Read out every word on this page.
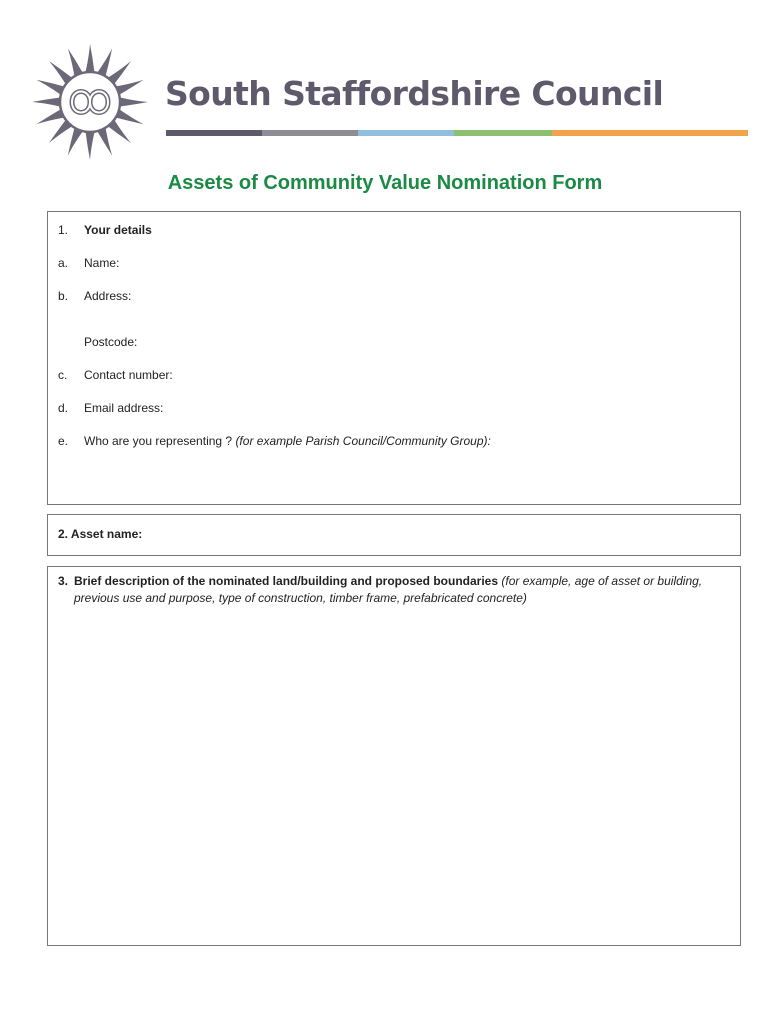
South Staffordshire Council
Assets of Community Value Nomination Form
1. Your details
a. Name:
b. Address:
Postcode:
c. Contact number:
d. Email address:
e. Who are you representing ? (for example Parish Council/Community Group):
2. Asset name:
3. Brief description of the nominated land/building and proposed boundaries (for example, age of asset or building, previous use and purpose, type of construction, timber frame, prefabricated concrete)
